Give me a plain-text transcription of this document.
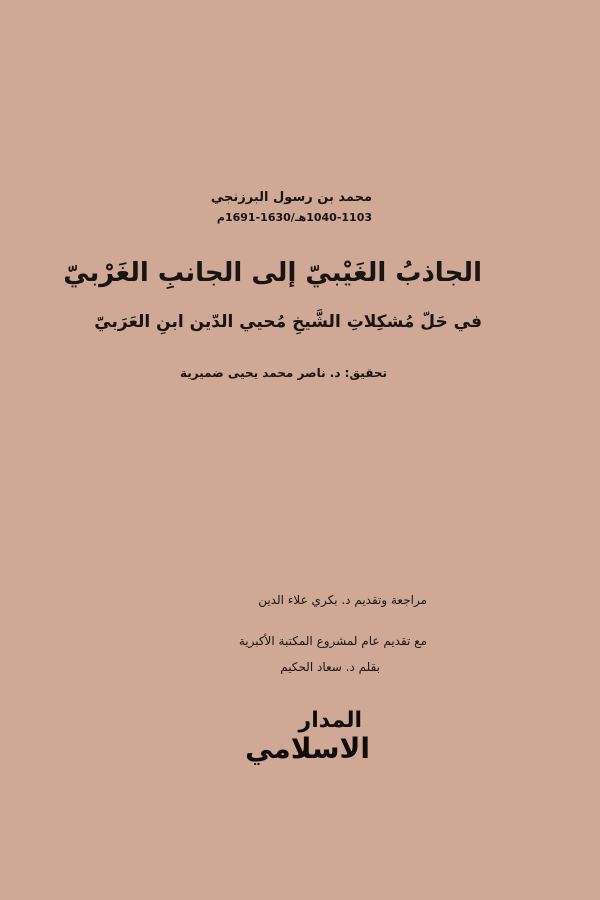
محمد بن رسول البرزنجي
1040-1103هـ/1630-1691م
الجاذبُ الغَيْبيّ إلى الجانبِ الغَرْبيّ
في حَلّ مُشكِلاتِ الشَّيخِ مُحيي الدّين ابنِ العَرَبيّ
تحقيق: د. ناصر محمد يحيى ضميرية
مراجعة وتقديم د. بكري علاء الدين
مع تقديم عام لمشروع المكتبة الأكبرية
بقلم د. سعاد الحكيم
المدار
الاسلامي
